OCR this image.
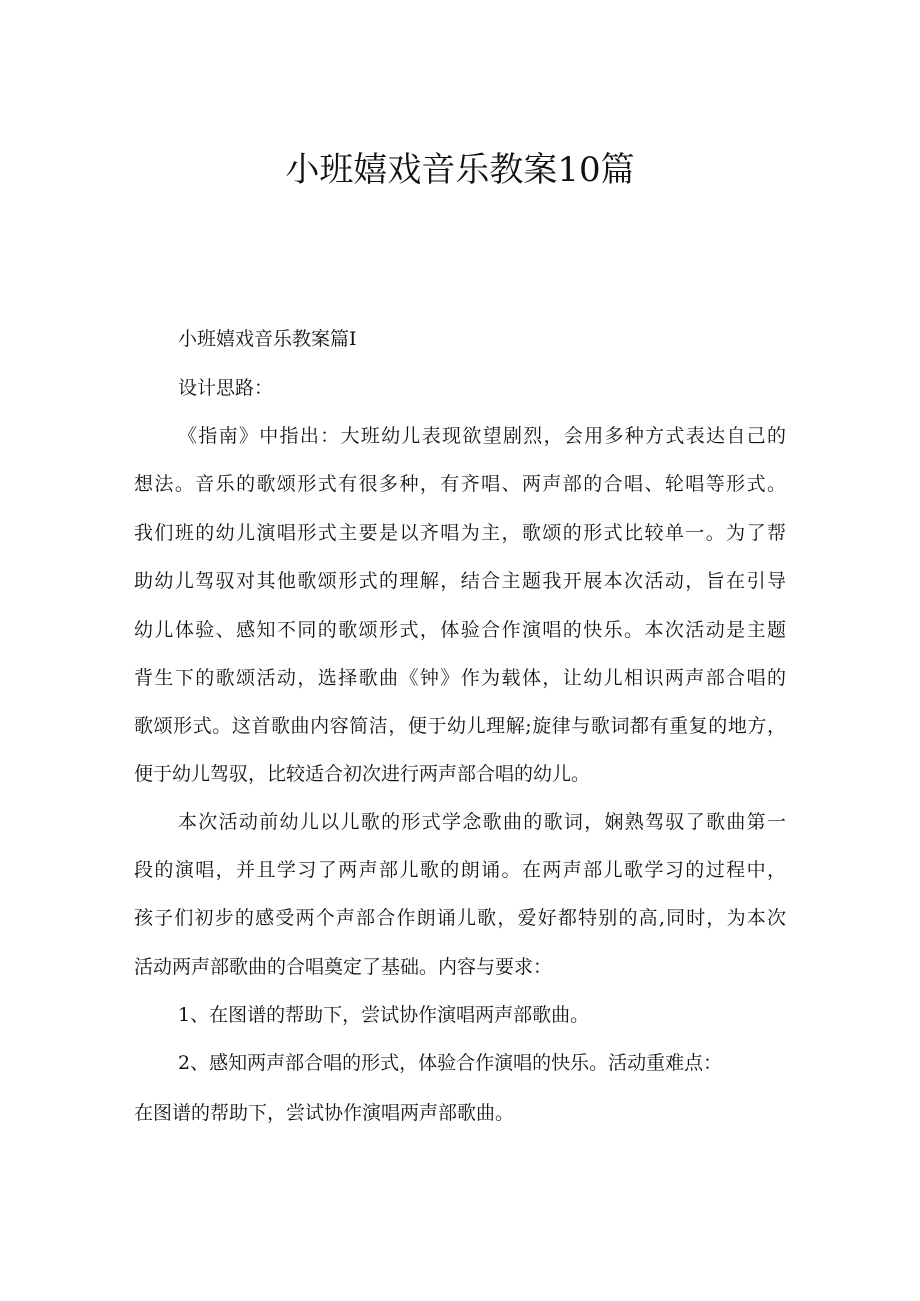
小班嬉戏音乐教案10篇
小班嬉戏音乐教案篇I
设计思路：
《指南》中指出：大班幼儿表现欲望剧烈，会用多种方式表达自己的
想法。音乐的歌颂形式有很多种，有齐唱、两声部的合唱、轮唱等形式。
我们班的幼儿演唱形式主要是以齐唱为主，歌颂的形式比较单一。为了帮
助幼儿驾驭对其他歌颂形式的理解，结合主题我开展本次活动，旨在引导
幼儿体验、感知不同的歌颂形式，体验合作演唱的快乐。本次活动是主题
背生下的歌颂活动，选择歌曲《钟》作为载体，让幼儿相识两声部合唱的
歌颂形式。这首歌曲内容简洁，便于幼儿理解;旋律与歌词都有重复的地方，
便于幼儿驾驭，比较适合初次进行两声部合唱的幼儿。
本次活动前幼儿以儿歌的形式学念歌曲的歌词，娴熟驾驭了歌曲第一
段的演唱，并且学习了两声部儿歌的朗诵。在两声部儿歌学习的过程中，
孩子们初步的感受两个声部合作朗诵儿歌，爱好都特别的高,同时，为本次
活动两声部歌曲的合唱奠定了基础。内容与要求：
1、在图谱的帮助下，尝试协作演唱两声部歌曲。
2、感知两声部合唱的形式，体验合作演唱的快乐。活动重难点：
在图谱的帮助下，尝试协作演唱两声部歌曲。
